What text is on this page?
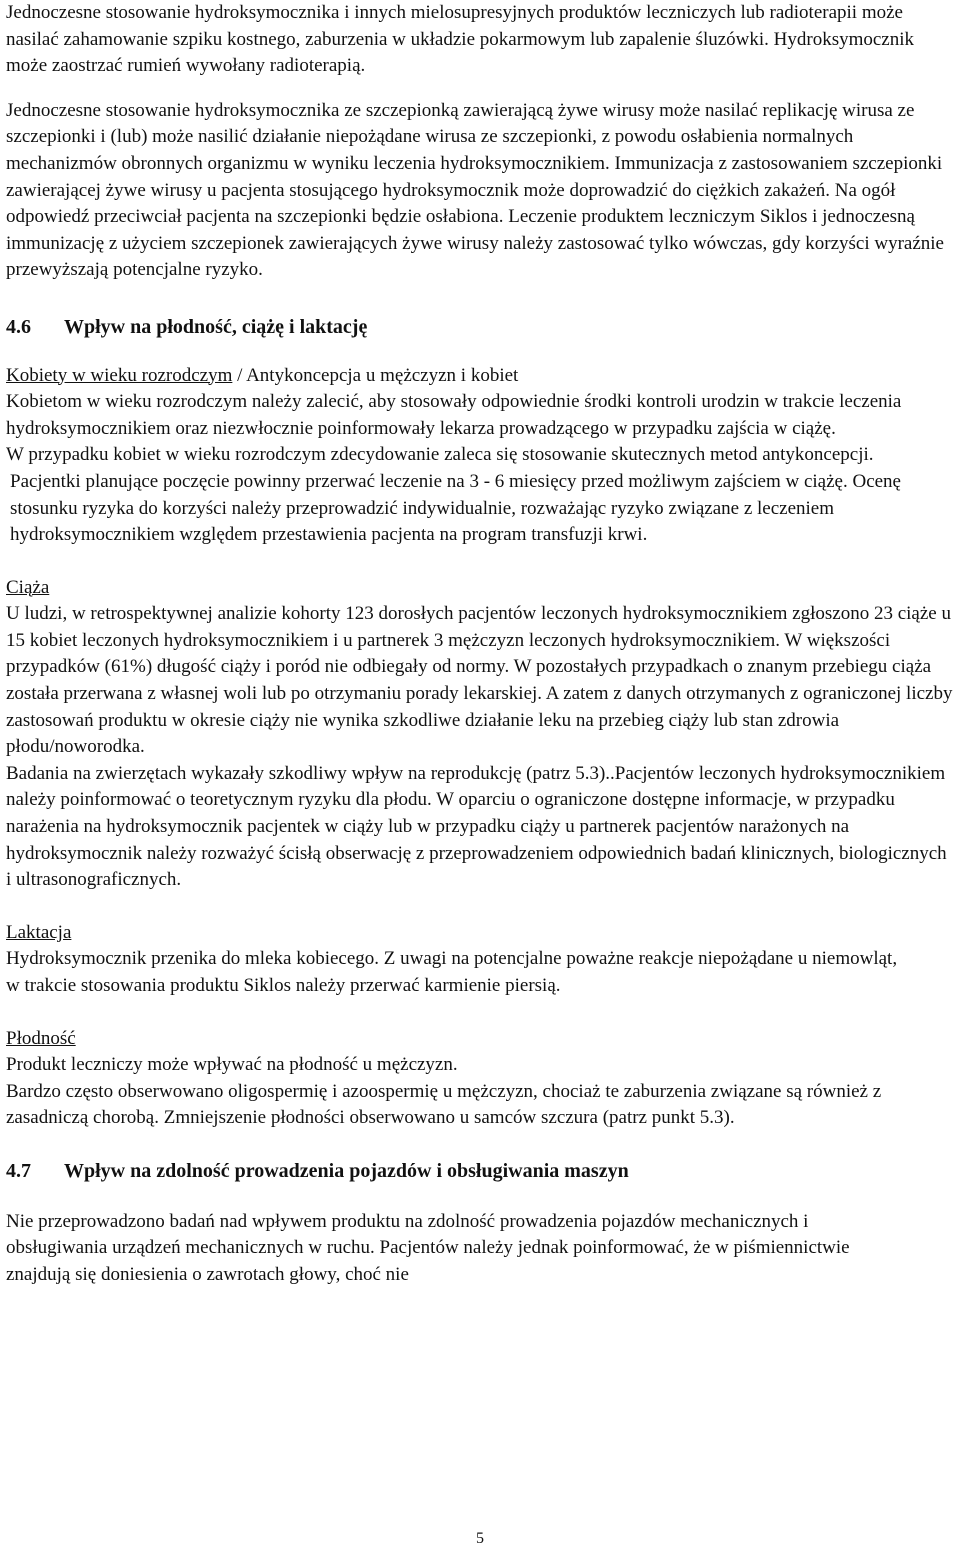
Jednoczesne stosowanie hydroksymocznika i innych mielosupresyjnych produktów leczniczych lub radioterapii może nasilać zahamowanie szpiku kostnego, zaburzenia w układzie pokarmowym lub zapalenie śluzówki. Hydroksymocznik może zaostrzać rumień wywołany radioterapią.

Jednoczesne stosowanie hydroksymocznika ze szczepionką zawierającą żywe wirusy może nasilać replikację wirusa ze szczepionki i (lub) może nasilić działanie niepożądane wirusa ze szczepionki, z powodu osłabienia normalnych mechanizmów obronnych organizmu w wyniku leczenia hydroksymocznikiem. Immunizacja z zastosowaniem szczepionki zawierającej żywe wirusy u pacjenta stosującego hydroksymocznik może doprowadzić do ciężkich zakażeń. Na ogół odpowiedź przeciwciał pacjenta na szczepionki będzie osłabiona. Leczenie produktem leczniczym Siklos i jednoczesną immunizację z użyciem szczepionek zawierających żywe wirusy należy zastosować tylko wówczas, gdy korzyści wyraźnie przewyższają potencjalne ryzyko.

4.6	Wpływ na płodność, ciążę i laktację

Kobiety w wieku rozrodczym / Antykoncepcja u mężczyzn i kobiet

Kobietom w wieku rozrodczym należy zalecić, aby stosowały odpowiednie środki kontroli urodzin w trakcie leczenia hydroksymocznikiem oraz niezwłocznie poinformowały lekarza prowadzącego w przypadku zajścia w ciążę.

W przypadku kobiet w wieku rozrodczym zdecydowanie zaleca się stosowanie skutecznych metod antykoncepcji.

Pacjentki planujące poczęcie powinny przerwać leczenie na 3 - 6 miesięcy przed możliwym zajściem w ciążę. Ocenę stosunku ryzyka do korzyści należy przeprowadzić indywidualnie, rozważając ryzyko związane z leczeniem hydroksymocznikiem względem przestawienia pacjenta na program transfuzji krwi.

Ciąża

U ludzi, w retrospektywnej analizie kohorty 123 dorosłych pacjentów leczonych hydroksymocznikiem zgłoszono 23 ciąże u 15 kobiet leczonych hydroksymocznikiem i u partnerek 3 mężczyzn leczonych hydroksymocznikiem. W większości przypadków (61%) długość ciąży i poród nie odbiegały od normy. W pozostałych przypadkach o znanym przebiegu ciąża została przerwana z własnej woli lub po otrzymaniu porady lekarskiej. A zatem z danych otrzymanych z ograniczonej liczby zastosowań produktu w okresie ciąży nie wynika szkodliwe działanie leku na przebieg ciąży lub stan zdrowia płodu/noworodka.

Badania na zwierzętach wykazały szkodliwy wpływ na reprodukcję (patrz 5.3)..Pacjentów leczonych hydroksymocznikiem należy poinformować o teoretycznym ryzyku dla płodu. W oparciu o ograniczone dostępne informacje, w przypadku narażenia na hydroksymocznik pacjentek w ciąży lub w przypadku ciąży u partnerek pacjentów narażonych na hydroksymocznik należy rozważyć ścisłą obserwację z przeprowadzeniem odpowiednich badań klinicznych, biologicznych i ultrasonograficznych.

Laktacja

Hydroksymocznik przenika do mleka kobiecego. Z uwagi na potencjalne poważne reakcje niepożądane u niemowląt, w trakcie stosowania produktu Siklos należy przerwać karmienie piersią.

Płodność

Produkt leczniczy może wpływać na płodność u mężczyzn.

Bardzo często obserwowano oligospermię i azoospermię u mężczyzn, chociaż te zaburzenia związane są również z zasadniczą chorobą. Zmniejszenie płodności obserwowano u samców szczura (patrz punkt 5.3).

4.7	Wpływ na zdolność prowadzenia pojazdów i obsługiwania maszyn

Nie przeprowadzono badań nad wpływem produktu na zdolność prowadzenia pojazdów mechanicznych i obsługiwania urządzeń mechanicznych w ruchu. Pacjentów należy jednak poinformować, że w piśmiennictwie znajdują się doniesienia o zawrotach głowy, choć nie

5
